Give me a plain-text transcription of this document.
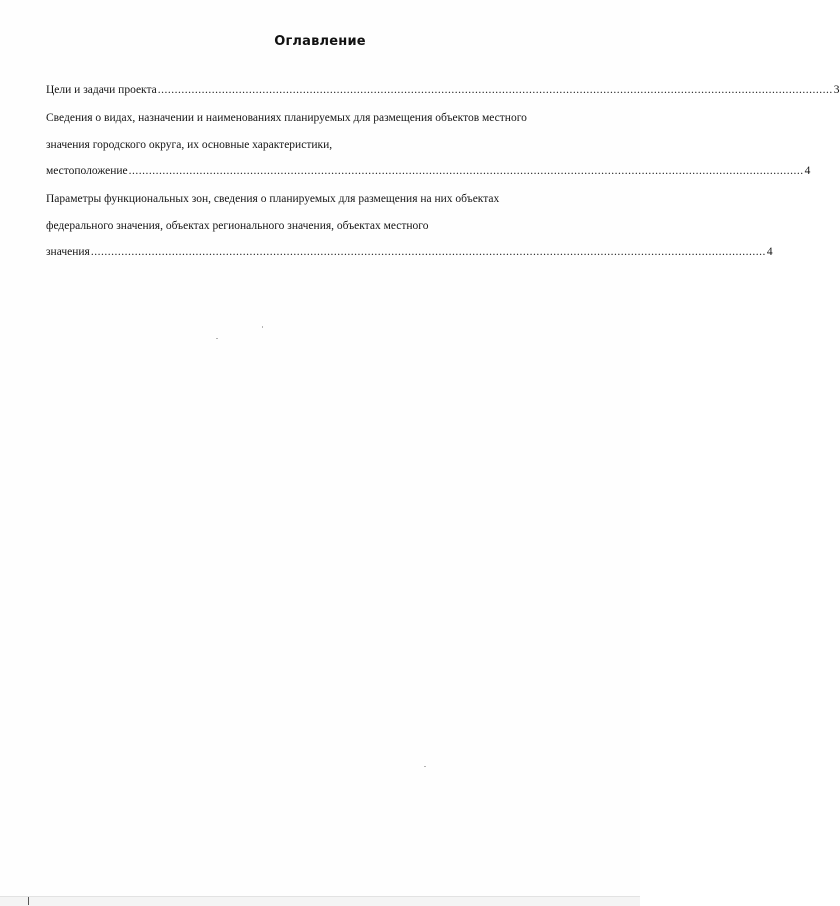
Оглавление
Цели и задачи проекта ........................................................................................................................................................................................................ 3
Сведения о видах, назначении и наименованиях планируемых для размещения объектов местного
значения городского округа, их основные характеристики,
местоположение ........................................................................................................................................................................................................ 4
Параметры функциональных зон, сведения о планируемых для размещения на них объектах
федерального значения, объектах регионального значения, объектах местного
значения ........................................................................................................................................................................................................ 4
